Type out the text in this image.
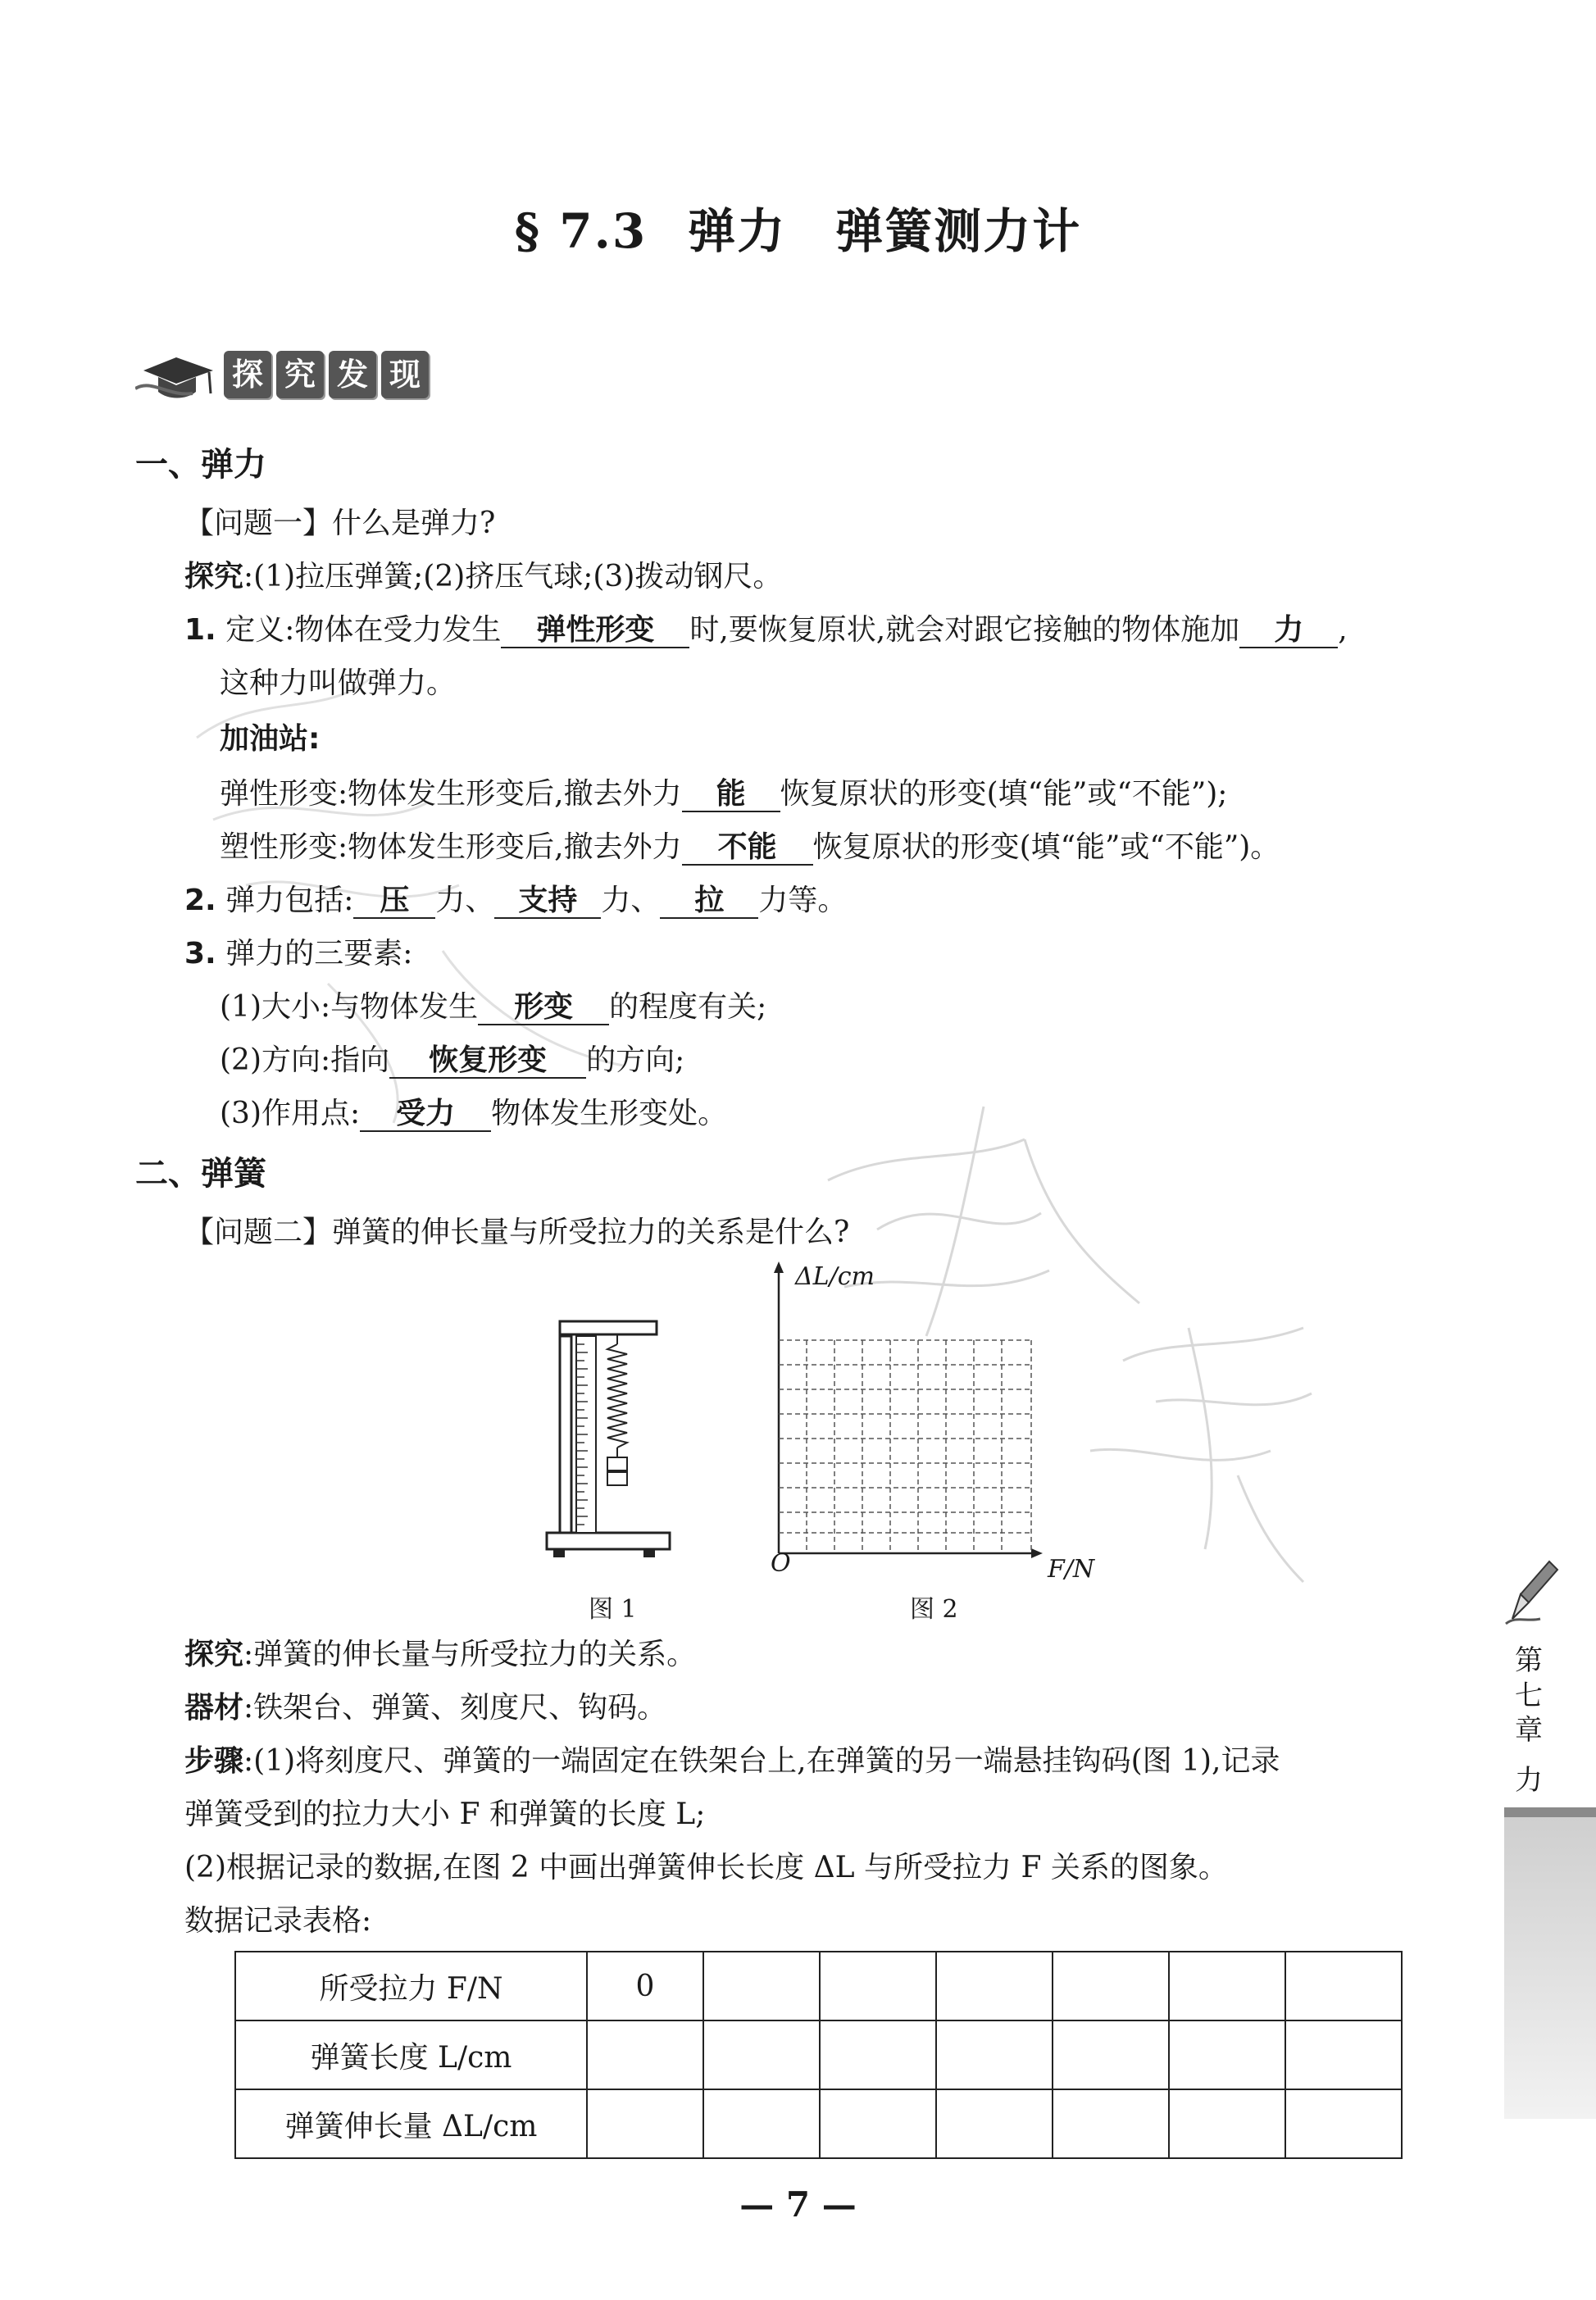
§ 7.3 弹力 弹簧测力计
探 究 发 现
一、弹力
【问题一】什么是弹力?
探究:(1)拉压弹簧;(2)挤压气球;(3)拨动钢尺。
1. 定义:物体在受力发生 弹性形变 时,要恢复原状,就会对跟它接触的物体施加 力 ,
这种力叫做弹力。
加油站:
弹性形变:物体发生形变后,撤去外力 能 恢复原状的形变(填“能”或“不能”);
塑性形变:物体发生形变后,撤去外力 不能 恢复原状的形变(填“能”或“不能”)。
2. 弹力包括: 压 力、 支持 力、 拉 力等。
3. 弹力的三要素:
(1)大小:与物体发生 形变 的程度有关;
(2)方向:指向 恢复形变 的方向;
(3)作用点: 受力 物体发生形变处。
二、弹簧
【问题二】弹簧的伸长量与所受拉力的关系是什么?
图 1
ΔL/cm
F/N
O
图 2
探究:弹簧的伸长量与所受拉力的关系。
器材:铁架台、弹簧、刻度尺、钩码。
步骤:(1)将刻度尺、弹簧的一端固定在铁架台上,在弹簧的另一端悬挂钩码(图 1),记录
弹簧受到的拉力大小 F 和弹簧的长度 L;
(2)根据记录的数据,在图 2 中画出弹簧伸长长度 ΔL 与所受拉力 F 关系的图象。
数据记录表格:
所受拉力 F/N	0						
弹簧长度 L/cm							
弹簧伸长量 ΔL/cm							
第
七
章
力
— 7 —
